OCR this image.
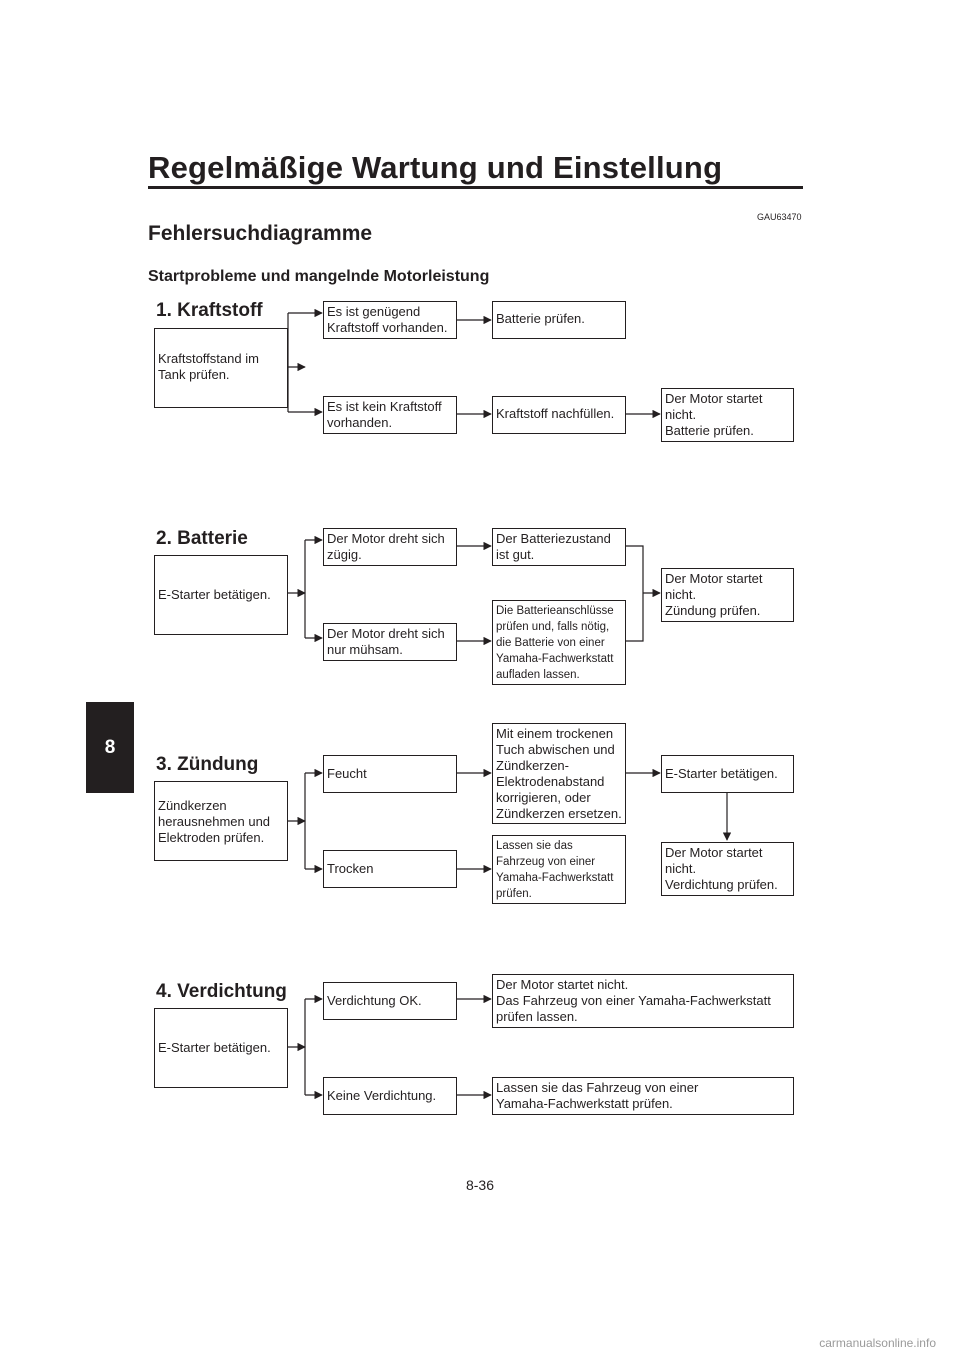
Regelmäßige Wartung und Einstellung
GAU63470
Fehlersuchdiagramme
Startprobleme und mangelnde Motorleistung
8
1. Kraftstoff
Kraftstoffstand im
Tank prüfen.
Es ist genügend
Kraftstoff vorhanden.
Batterie prüfen.
Es ist kein Kraftstoff
vorhanden.
Kraftstoff nachfüllen.
Der Motor startet
nicht.
Batterie prüfen.
2. Batterie
E-Starter betätigen.
Der Motor dreht sich
zügig.
Der Batteriezustand
ist gut.
Der Motor dreht sich
nur mühsam.
Die Batterieanschlüsse
prüfen und, falls nötig,
die Batterie von einer
Yamaha-Fachwerkstatt
aufladen lassen.
Der Motor startet
nicht.
Zündung prüfen.
3. Zündung
Zündkerzen
herausnehmen und
Elektroden prüfen.
Feucht
Mit einem trockenen
Tuch abwischen und
Zündkerzen-
Elektrodenabstand
korrigieren, oder
Zündkerzen ersetzen.
E-Starter betätigen.
Trocken
Lassen sie das
Fahrzeug von einer
Yamaha-Fachwerkstatt
prüfen.
Der Motor startet
nicht.
Verdichtung prüfen.
4. Verdichtung
E-Starter betätigen.
Verdichtung OK.
Der Motor startet nicht.
Das Fahrzeug von einer Yamaha-Fachwerkstatt
prüfen lassen.
Keine Verdichtung.
Lassen sie das Fahrzeug von einer
Yamaha-Fachwerkstatt prüfen.
8-36
carmanualsonline.info
